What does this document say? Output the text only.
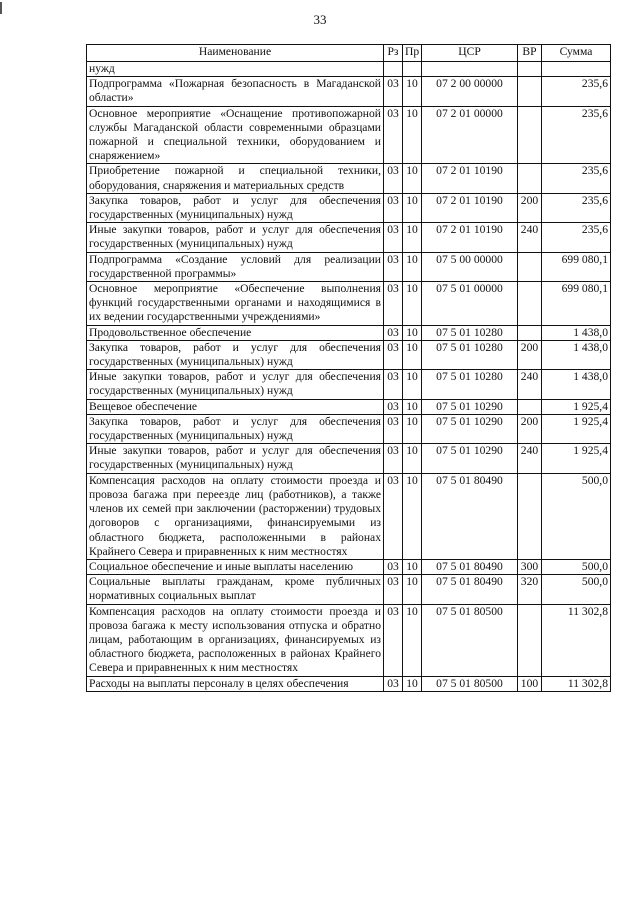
33
Наименование	Рз	Пр	ЦСР	ВР	Сумма
нужд					
Подпрограмма «Пожарная безопасность в Магаданской области»	03	10	07 2 00 00000		235,6
Основное мероприятие «Оснащение противопожарной службы Магаданской области современными образцами пожарной и специальной техники, оборудованием и снаряжением»	03	10	07 2 01 00000		235,6
Приобретение пожарной и специальной техники, оборудования, снаряжения и материальных средств	03	10	07 2 01 10190		235,6
Закупка товаров, работ и услуг для обеспечения государственных (муниципальных) нужд	03	10	07 2 01 10190	200	235,6
Иные закупки товаров, работ и услуг для обеспечения государственных (муниципальных) нужд	03	10	07 2 01 10190	240	235,6
Подпрограмма «Создание условий для реализации государственной программы»	03	10	07 5 00 00000		699 080,1
Основное мероприятие «Обеспечение выполнения функций государственными органами и находящимися в их ведении государственными учреждениями»	03	10	07 5 01 00000		699 080,1
Продовольственное обеспечение	03	10	07 5 01 10280		1 438,0
Закупка товаров, работ и услуг для обеспечения государственных (муниципальных) нужд	03	10	07 5 01 10280	200	1 438,0
Иные закупки товаров, работ и услуг для обеспечения государственных (муниципальных) нужд	03	10	07 5 01 10280	240	1 438,0
Вещевое обеспечение	03	10	07 5 01 10290		1 925,4
Закупка товаров, работ и услуг для обеспечения государственных (муниципальных) нужд	03	10	07 5 01 10290	200	1 925,4
Иные закупки товаров, работ и услуг для обеспечения государственных (муниципальных) нужд	03	10	07 5 01 10290	240	1 925,4
Компенсация расходов на оплату стоимости проезда и провоза багажа при переезде лиц (работников), а также членов их семей при заключении (расторжении) трудовых договоров с организациями, финансируемыми из областного бюджета, расположенными в районах Крайнего Севера и приравненных к ним местностях	03	10	07 5 01 80490		500,0
Социальное обеспечение и иные выплаты населению	03	10	07 5 01 80490	300	500,0
Социальные выплаты гражданам, кроме публичных нормативных социальных выплат	03	10	07 5 01 80490	320	500,0
Компенсация расходов на оплату стоимости проезда и провоза багажа к месту использования отпуска и обратно лицам, работающим в организациях, финансируемых из областного бюджета, расположенных в районах Крайнего Севера и приравненных к ним местностях	03	10	07 5 01 80500		11 302,8
Расходы на выплаты персоналу в целях обеспечения	03	10	07 5 01 80500	100	11 302,8
